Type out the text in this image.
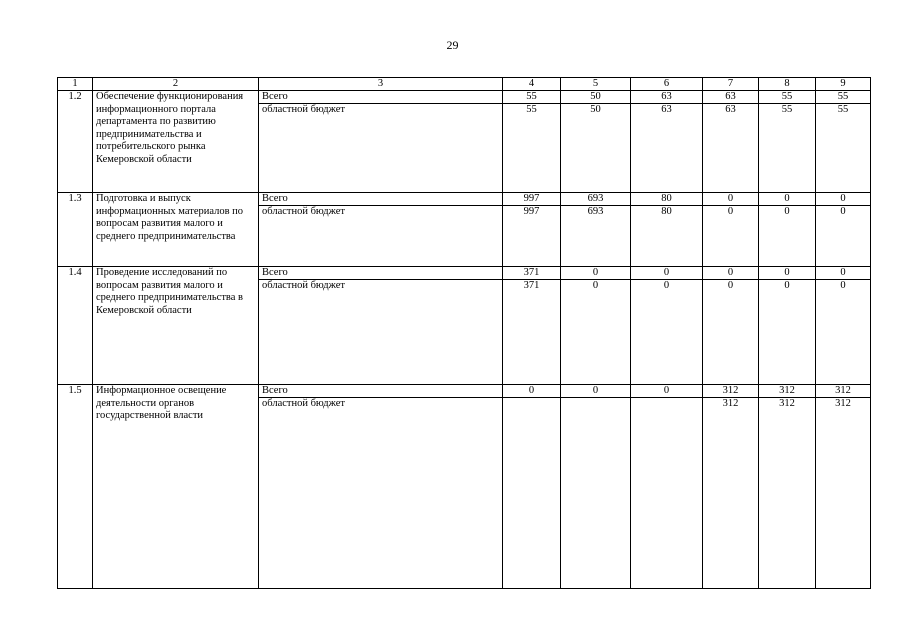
29
1	2	3	4	5	6	7	8	9
1.2	Обеспечение функционирования информационного портала департамента по развитию предпринимательства и потребительского рынка Кемеровской области	Всего	55	50	63	63	55	55
		областной бюджет	55	50	63	63	55	55
1.3	Подготовка и выпуск информационных материалов по вопросам развития малого и среднего предпринимательства	Всего	997	693	80	0	0	0
		областной бюджет	997	693	80	0	0	0
1.4	Проведение исследований по вопросам развития малого и среднего предпринимательства в Кемеровской области	Всего	371	0	0	0	0	0
		областной бюджет	371	0	0	0	0	0
1.5	Информационное освещение деятельности органов государственной власти	Всего	0	0	0	312	312	312
		областной бюджет				312	312	312
